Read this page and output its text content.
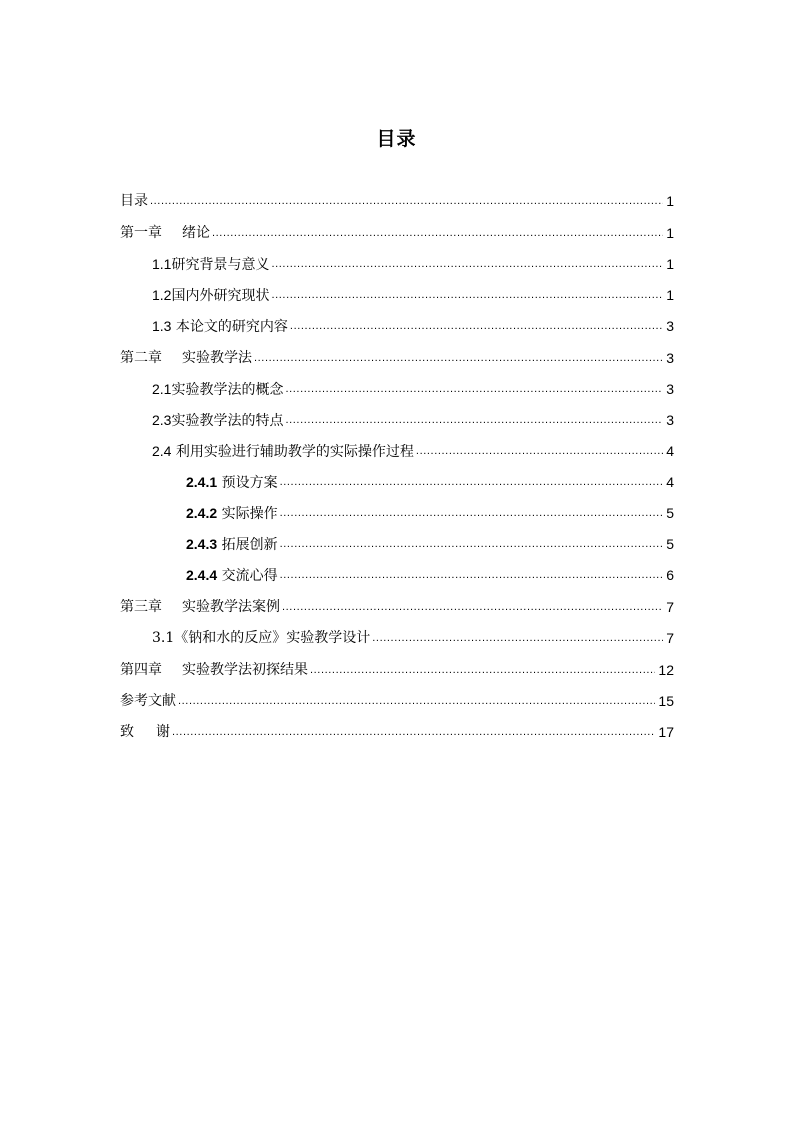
目录
目录 .....	1
第一章 绪论 .....	1
1.1研究背景与意义 .....	1
1.2国内外研究现状 .....	1
1.3 本论文的研究内容 .....	3
第二章 实验教学法 .....	3
2.1实验教学法的概念 .....	3
2.3实验教学法的特点 .....	3
2.4 利用实验进行辅助教学的实际操作过程 .....	4
2.4.1 预设方案 .....	4
2.4.2 实际操作 .....	5
2.4.3 拓展创新 .....	5
2.4.4 交流心得 .....	6
第三章 实验教学法案例 .....	7
3.1《钠和水的反应》实验教学设计 .....	7
第四章 实验教学法初探结果 .....	12
参考文献 .....	15
致 谢 .....	17
